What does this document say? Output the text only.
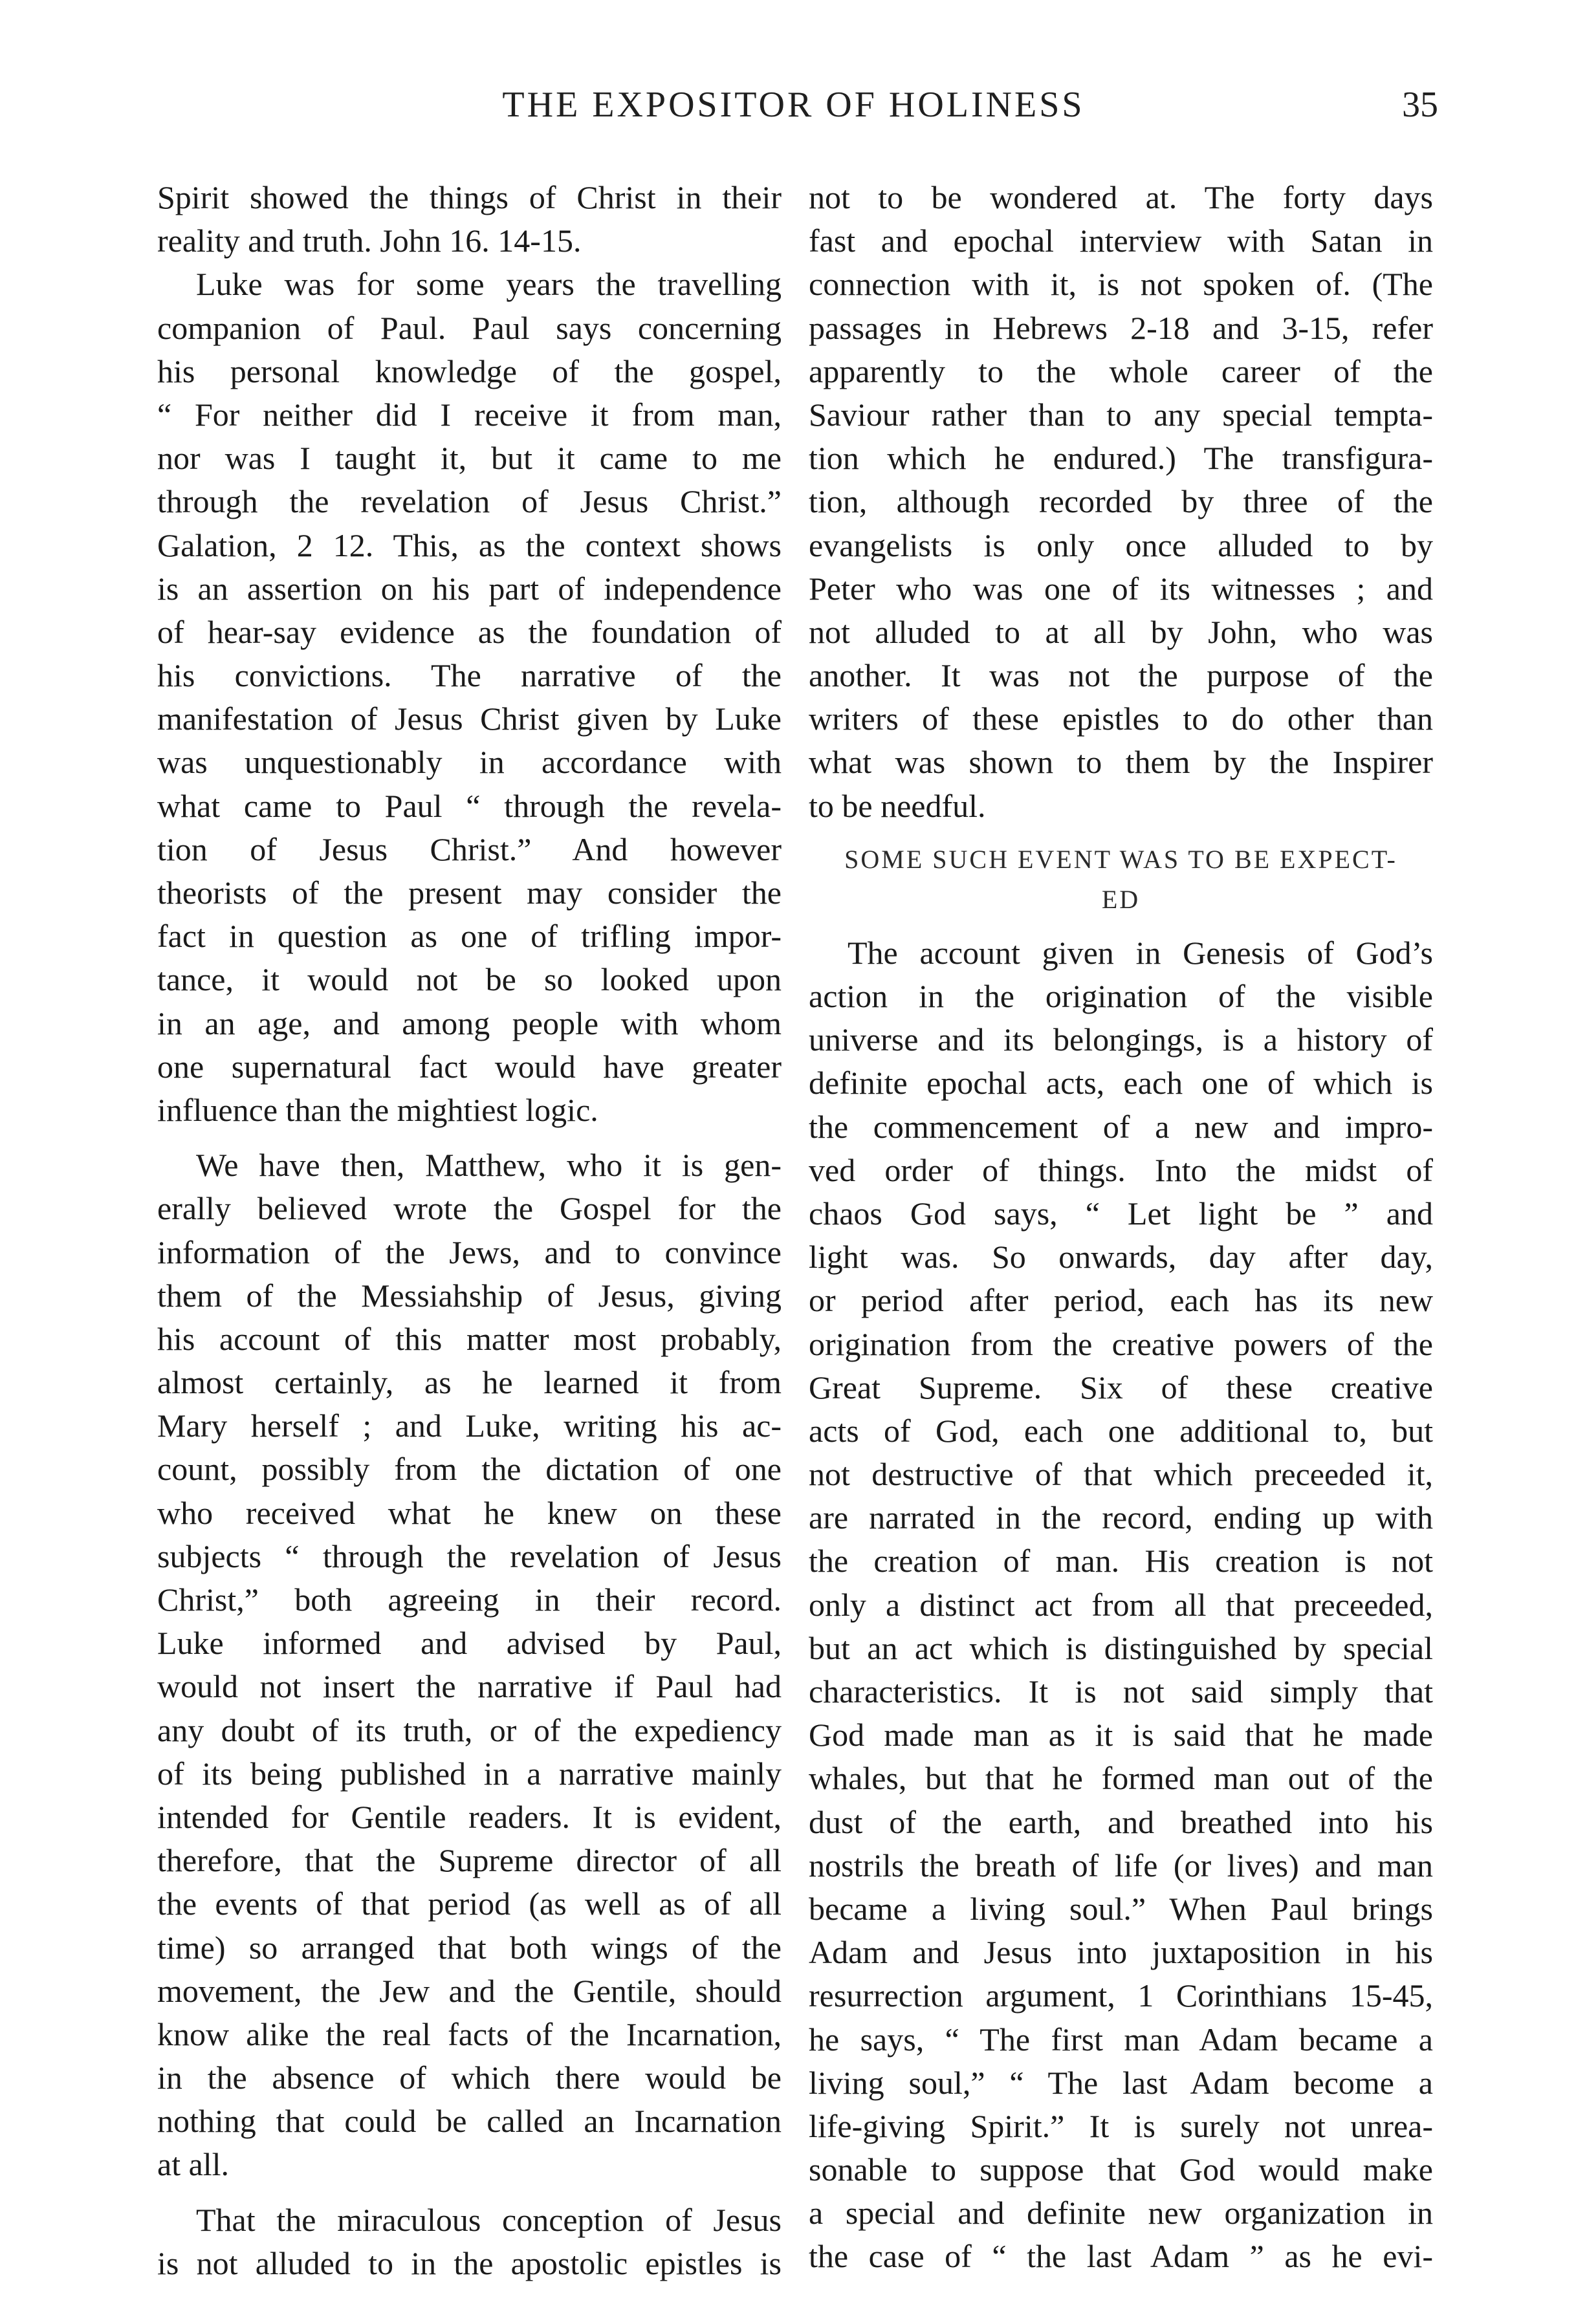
THE EXPOSITOR OF HOLINESS	35
Spirit showed the things of Christ in their
reality and truth. John 16. 14-15.
Luke was for some years the travelling
companion of Paul. Paul says concerning
his personal knowledge of the gospel,
“ For neither did I receive it from man,
nor was I taught it, but it came to me
through the revelation of Jesus Christ.”
Galation, 2 12. This, as the context shows
is an assertion on his part of independence
of hear-say evidence as the foundation of
his convictions. The narrative of the
manifestation of Jesus Christ given by Luke
was unquestionably in accordance with
what came to Paul “ through the revela-
tion of Jesus Christ.” And however
theorists of the present may consider the
fact in question as one of trifling impor-
tance, it would not be so looked upon
in an age, and among people with whom
one supernatural fact would have greater
influence than the mightiest logic.
We have then, Matthew, who it is gen-
erally believed wrote the Gospel for the
information of the Jews, and to convince
them of the Messiahship of Jesus, giving
his account of this matter most probably,
almost certainly, as he learned it from
Mary herself ; and Luke, writing his ac-
count, possibly from the dictation of one
who received what he knew on these
subjects “ through the revelation of Jesus
Christ,” both agreeing in their record.
Luke informed and advised by Paul,
would not insert the narrative if Paul had
any doubt of its truth, or of the expediency
of its being published in a narrative mainly
intended for Gentile readers. It is evident,
therefore, that the Supreme director of all
the events of that period (as well as of all
time) so arranged that both wings of the
movement, the Jew and the Gentile, should
know alike the real facts of the Incarnation,
in the absence of which there would be
nothing that could be called an Incarnation
at all.
That the miraculous conception of Jesus
is not alluded to in the apostolic epistles is
not to be wondered at. The forty days
fast and epochal interview with Satan in
connection with it, is not spoken of. (The
passages in Hebrews 2-18 and 3-15, refer
apparently to the whole career of the
Saviour rather than to any special tempta-
tion which he endured.) The transfigura-
tion, although recorded by three of the
evangelists is only once alluded to by
Peter who was one of its witnesses ; and
not alluded to at all by John, who was
another. It was not the purpose of the
writers of these epistles to do other than
what was shown to them by the Inspirer
to be needful.
SOME SUCH EVENT WAS TO BE EXPECT-
ED
The account given in Genesis of God’s
action in the origination of the visible
universe and its belongings, is a history of
definite epochal acts, each one of which is
the commencement of a new and impro-
ved order of things. Into the midst of
chaos God says, “ Let light be ” and
light was. So onwards, day after day,
or period after period, each has its new
origination from the creative powers of the
Great Supreme. Six of these creative
acts of God, each one additional to, but
not destructive of that which preceeded it,
are narrated in the record, ending up with
the creation of man. His creation is not
only a distinct act from all that preceeded,
but an act which is distinguished by special
characteristics. It is not said simply that
God made man as it is said that he made
whales, but that he formed man out of the
dust of the earth, and breathed into his
nostrils the breath of life (or lives) and man
became a living soul.” When Paul brings
Adam and Jesus into juxtaposition in his
resurrection argument, 1 Corinthians 15-45,
he says, “ The first man Adam became a
living soul,” “ The last Adam become a
life-giving Spirit.” It is surely not unrea-
sonable to suppose that God would make
a special and definite new organization in
the case of “ the last Adam ” as he evi-
